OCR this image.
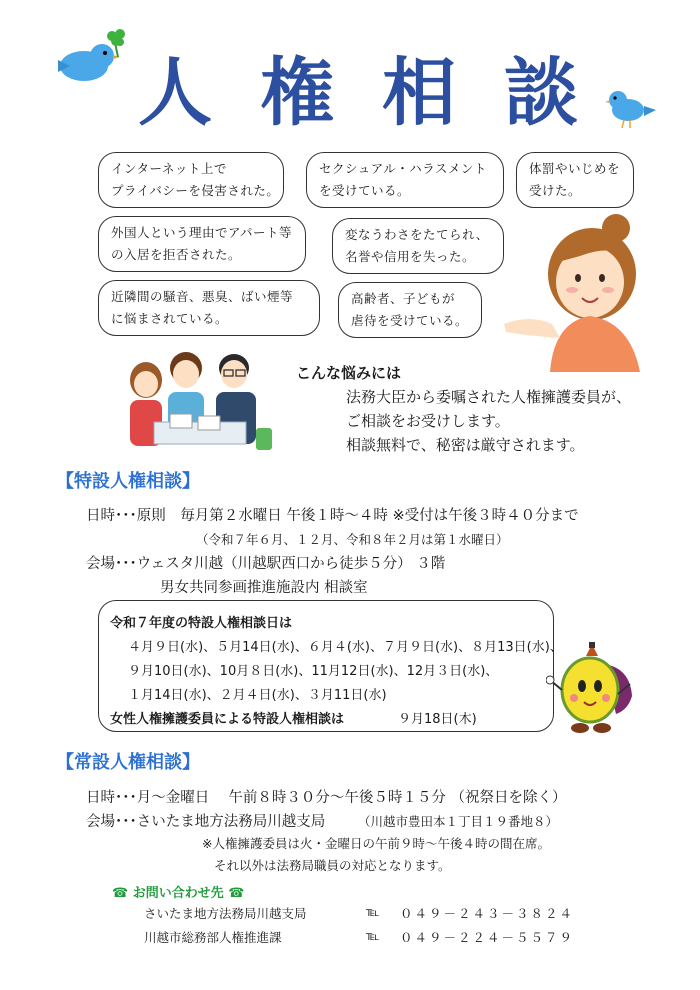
人 権 相 談
インターネット上で
プライバシーを侵害された。
セクシュアル・ハラスメント
を受けている。
体罰やいじめを
受けた。
外国人という理由でアパート等
の入居を拒否された。
変なうわさをたてられ、
名誉や信用を失った。
近隣間の騒音、悪臭、ばい煙等
に悩まされている。
高齢者、子どもが
虐待を受けている。
こんな悩みには
法務大臣から委嘱された人権擁護委員が、
ご相談をお受けします。
相談無料で、秘密は厳守されます。
【特設人権相談】
日時･･･原則　毎月第２水曜日 午後１時～４時 ※受付は午後３時４０分まで
（令和７年６月、１２月、令和８年２月は第１水曜日）
会場･･･ウェスタ川越（川越駅西口から徒歩５分） ３階
男女共同参画推進施設内 相談室
令和７年度の特設人権相談日は
４月９日(水)、５月14日(水)、６月４(水)、７月９日(水)、８月13日(水)、
９月10日(水)、10月８日(水)、11月12日(水)、12月３日(水)、
１月14日(水)、２月４日(水)、３月11日(水)
女性人権擁護委員による特設人権相談は	９月18日(木)
【常設人権相談】
日時･･･月～金曜日　 午前８時３０分～午後５時１５分 （祝祭日を除く）
会場･･･さいたま地方法務局川越支局	（川越市豊田本１丁目１９番地８）
※人権擁護委員は火・金曜日の午前９時～午後４時の間在席。
それ以外は法務局職員の対応となります。
☎ お問い合わせ先 ☎
さいたま地方法務局川越支局	℡ ０４９－２４３－３８２４
川越市総務部人権推進課	℡ ０４９－２２４－５５７９
